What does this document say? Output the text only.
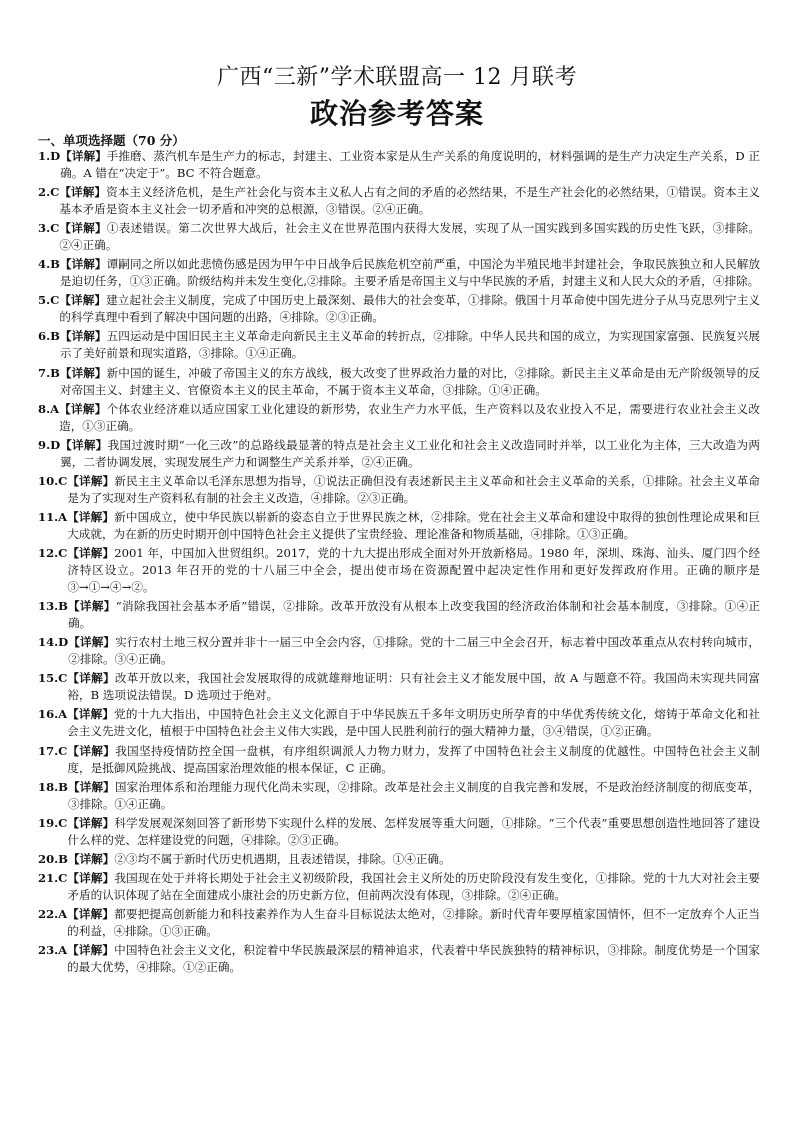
广西“三新”学术联盟高一 12 月联考
政治参考答案
一、单项选择题（70 分）
1.D 【详解】手推磨、蒸汽机车是生产力的标志，封建主、工业资本家是从生产关系的角度说明的，材料强调的是生产力决定生产关系，D 正确。A 错在“决定于”。BC 不符合题意。
2.C 【详解】资本主义经济危机，是生产社会化与资本主义私人占有之间的矛盾的必然结果，不是生产社会化的必然结果，①错误。资本主义基本矛盾是资本主义社会一切矛盾和冲突的总根源，③错误。②④正确。
3.C 【详解】①表述错误。第二次世界大战后，社会主义在世界范围内获得大发展，实现了从一国实践到多国实践的历史性飞跃，③排除。②④正确。
4.B 【详解】谭嗣同之所以如此悲愤伤感是因为甲午中日战争后民族危机空前严重，中国沦为半殖民地半封建社会，争取民族独立和人民解放是迫切任务，①③正确。阶级结构并未发生变化,②排除。主要矛盾是帝国主义与中华民族的矛盾，封建主义和人民大众的矛盾，④排除。
5.C 【详解】建立起社会主义制度，完成了中国历史上最深刻、最伟大的社会变革，①排除。俄国十月革命使中国先进分子从马克思列宁主义的科学真理中看到了解决中国问题的出路，④排除。②③正确。
6.B 【详解】五四运动是中国旧民主主义革命走向新民主主义革命的转折点，②排除。中华人民共和国的成立，为实现国家富强、民族复兴展示了美好前景和现实道路，③排除。①④正确。
7.B 【详解】新中国的诞生，冲破了帝国主义的东方战线，极大改变了世界政治力量的对比，②排除。新民主主义革命是由无产阶级领导的反对帝国主义、封建主义、官僚资本主义的民主革命，不属于资本主义革命，③排除。①④正确。
8.A 【详解】个体农业经济难以适应国家工业化建设的新形势，农业生产力水平低，生产资料以及农业投入不足，需要进行农业社会主义改造，①③正确。
9.D 【详解】我国过渡时期“一化三改”的总路线最显著的特点是社会主义工业化和社会主义改造同时并举，以工业化为主体，三大改造为两翼，二者协调发展，实现发展生产力和调整生产关系并举，②④正确。
10.C 【详解】新民主主义革命以毛泽东思想为指导，①说法正确但没有表述新民主主义革命和社会主义革命的关系，①排除。社会主义革命是为了实现对生产资料私有制的社会主义改造，④排除。②③正确。
11.A 【详解】新中国成立，使中华民族以崭新的姿态自立于世界民族之林，②排除。党在社会主义革命和建设中取得的独创性理论成果和巨大成就，为在新的历史时期开创中国特色社会主义提供了宝贵经验、理论准备和物质基础，④排除。①③正确。
12.C 【详解】2001 年，中国加入世贸组织。2017，党的十九大提出形成全面对外开放新格局。1980 年，深圳、珠海、汕头、厦门四个经济特区设立。2013 年召开的党的十八届三中全会，提出使市场在资源配置中起决定性作用和更好发挥政府作用。正确的顺序是③→①→④→②。
13.B 【详解】“消除我国社会基本矛盾”错误，②排除。改革开放没有从根本上改变我国的经济政治体制和社会基本制度，③排除。①④正确。
14.D 【详解】实行农村土地三权分置并非十一届三中全会内容，①排除。党的十二届三中全会召开，标志着中国改革重点从农村转向城市，②排除。③④正确。
15.C 【详解】改革开放以来，我国社会发展取得的成就雄辩地证明：只有社会主义才能发展中国，故 A 与题意不符。我国尚未实现共同富裕，B 选项说法错误。D 选项过于绝对。
16.A 【详解】党的十九大指出，中国特色社会主义文化源自于中华民族五千多年文明历史所孕育的中华优秀传统文化，熔铸于革命文化和社会主义先进文化，植根于中国特色社会主义伟大实践，是中国人民胜利前行的强大精神力量，③④错误，①②正确。
17.C 【详解】我国坚持疫情防控全国一盘棋，有序组织调派人力物力财力，发挥了中国特色社会主义制度的优越性。中国特色社会主义制度，是抵御风险挑战、提高国家治理效能的根本保证，C 正确。
18.B 【详解】国家治理体系和治理能力现代化尚未实现，②排除。改革是社会主义制度的自我完善和发展，不是政治经济制度的彻底变革，③排除。①④正确。
19.C 【详解】科学发展观深刻回答了新形势下实现什么样的发展、怎样发展等重大问题，①排除。“三个代表”重要思想创造性地回答了建设什么样的党、怎样建设党的问题，④排除。②③正确。
20.B 【详解】②③均不属于新时代历史机遇期，且表述错误，排除。①④正确。
21.C 【详解】我国现在处于并将长期处于社会主义初级阶段，我国社会主义所处的历史阶段没有发生变化，①排除。党的十九大对社会主要矛盾的认识体现了站在全面建成小康社会的历史新方位，但前两次没有体现，③排除。②④正确。
22.A 【详解】都要把提高创新能力和科技素养作为人生奋斗目标说法太绝对，②排除。新时代青年要厚植家国情怀，但不一定放弃个人正当的利益，④排除。①③正确。
23.A 【详解】中国特色社会主义文化，积淀着中华民族最深层的精神追求，代表着中华民族独特的精神标识，③排除。制度优势是一个国家的最大优势，④排除。①②正确。
